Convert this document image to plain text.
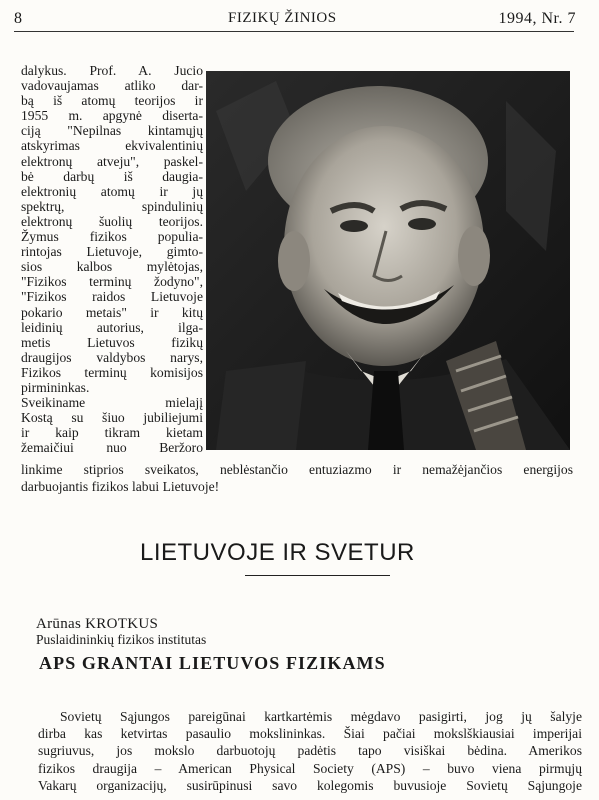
8	FIZIKŲ ŽINIOS	1994, Nr. 7
dalykus. Prof. A. Jucio
vadovaujamas atliko dar-
bą iš atomų teorijos ir
1955 m. apgynė diserta-
ciją "Nepilnas kintamųjų
atskyrimas ekvivalentinių
elektronų atveju", paskel-
bė darbų iš daugia-
elektronių atomų ir jų
spektrų, spindulinių
elektronų šuolių teorijos.
Žymus fizikos populia-
rintojas Lietuvoje, gimto-
sios kalbos mylėtojas,
"Fizikos terminų žodyno",
"Fizikos raidos Lietuvoje
pokario metais" ir kitų
leidinių autorius, ilga-
metis Lietuvos fizikų
draugijos valdybos narys,
Fizikos terminų komisijos
pirmininkas.
Sveikiname mielajį
Kostą su šiuo jubiliejumi
ir kaip tikram kietam
žemaičiui nuo Beržoro
linkime stiprios sveikatos, neblėstančio entuziazmo ir nemažėjančios energijos
darbuojantis fizikos labui Lietuvoje!
LIETUVOJE IR SVETUR
Arūnas KROTKUS
Puslaidininkių fizikos institutas
APS GRANTAI LIETUVOS FIZIKAMS
Sovietų Sąjungos pareigūnai kartkartėmis mėgdavo pasigirti, jog jų šalyje
dirba kas ketvirtas pasaulio mokslininkas. Šiai pačiai mokslškiausiai imperijai
sugriuvus, jos mokslo darbuotojų padėtis tapo visiškai bėdina. Amerikos
fizikos draugija – American Physical Society (APS) – buvo viena pirmųjų
Vakarų organizacijų, susirūpinusi savo kolegomis buvusioje Sovietų Sąjungoje
